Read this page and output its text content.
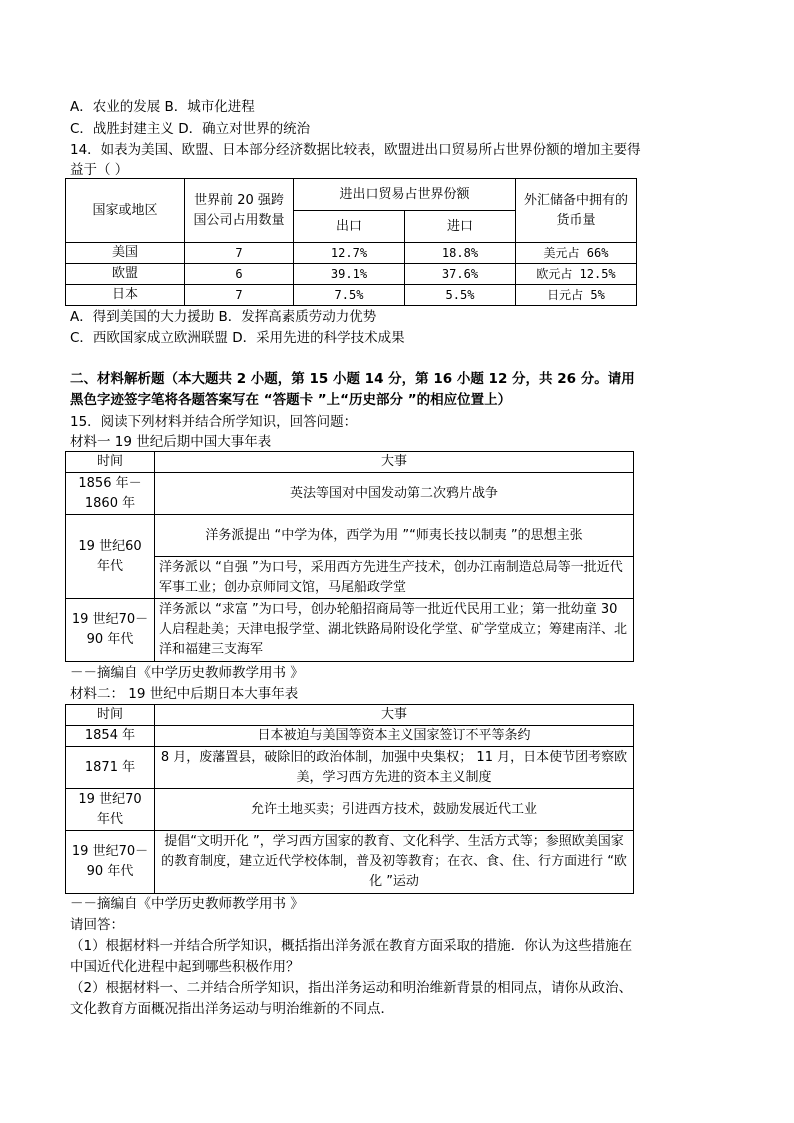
A．农业的发展 B．城市化进程
C．战胜封建主义 D．确立对世界的统治
14．如表为美国、欧盟、日本部分经济数据比较表，欧盟进出口贸易所占世界份额的增加主要得
益于（ ）
国家或地区	世界前 20 强跨国公司占用数量	进出口贸易占世界份额		外汇储备中拥有的货币量
		出口	进口	
美国	7	12.7%	18.8%	美元占 66%
欧盟	6	39.1%	37.6%	欧元占 12.5%
日本	7	7.5%	5.5%	日元占 5%
A．得到美国的大力援助 B．发挥高素质劳动力优势
C．西欧国家成立欧洲联盟 D．采用先进的科学技术成果
二、材料解析题（本大题共 2 小题，第 15 小题 14 分，第 16 小题 12 分，共 26 分。请用
黑色字迹签字笔将各题答案写在 “答题卡 ”上“历史部分 ”的相应位置上）
15．阅读下列材料并结合所学知识，回答问题：
材料一 19 世纪后期中国大事年表
时间	大事
1856 年－1860 年	英法等国对中国发动第二次鸦片战争
19 世纪60 年代	洋务派提出 “中学为体，西学为用 ”“师夷长技以制夷 ”的思想主张
	洋务派以 “自强 ”为口号，采用西方先进生产技术，创办江南制造总局等一批近代军事工业；创办京师同文馆，马尾船政学堂
19 世纪70－90 年代	洋务派以 “求富 ”为口号，创办轮船招商局等一批近代民用工业；第一批幼童 30 人启程赴美；天津电报学堂、湖北铁路局附设化学堂、矿学堂成立；筹建南洋、北洋和福建三支海军
－－摘编自《中学历史教师教学用书 》
材料二： 19 世纪中后期日本大事年表
时间	大事
1854 年	日本被迫与美国等资本主义国家签订不平等条约
1871 年	8 月，废藩置县，破除旧的政治体制，加强中央集权； 11 月，日本使节团考察欧美，学习西方先进的资本主义制度
19 世纪70 年代	允许土地买卖；引进西方技术，鼓励发展近代工业
19 世纪70－90 年代	提倡“文明开化 ”，学习西方国家的教育、文化科学、生活方式等；参照欧美国家的教育制度，建立近代学校体制，普及初等教育；在衣、食、住、行方面进行 “欧化 ”运动
－－摘编自《中学历史教师教学用书 》
请回答：
（1）根据材料一并结合所学知识，概括指出洋务派在教育方面采取的措施．你认为这些措施在
中国近代化进程中起到哪些积极作用？
（2）根据材料一、二并结合所学知识，指出洋务运动和明治维新背景的相同点，请你从政治、
文化教育方面概况指出洋务运动与明治维新的不同点．
